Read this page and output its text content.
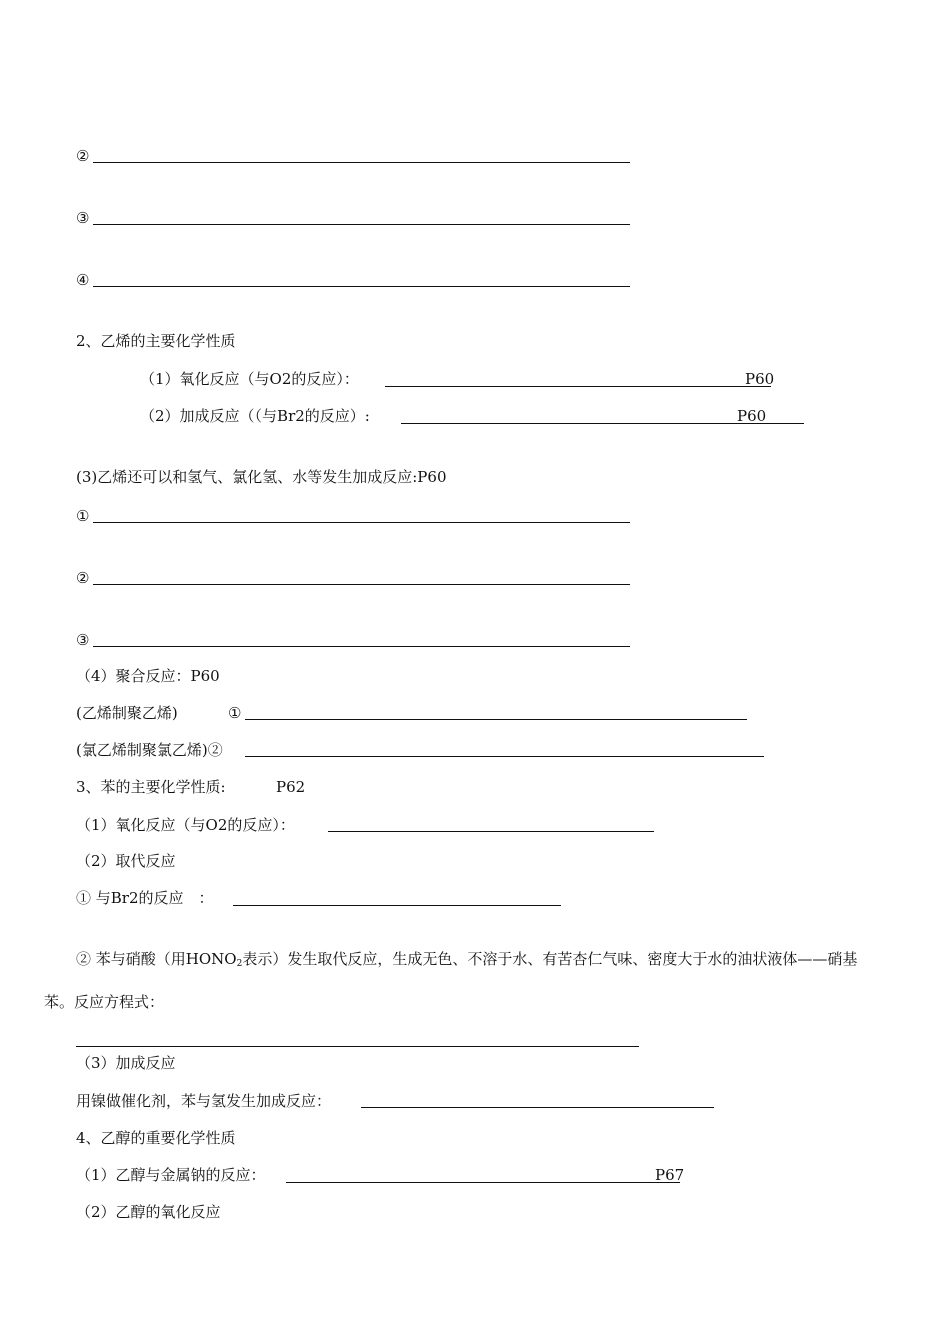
②
③
④
2、乙烯的主要化学性质
（1）氧化反应（与O2的反应）：	P60
（2）加成反应（（与Br2的反应）:	P60
(3)乙烯还可以和氢气、氯化氢、水等发生加成反应:P60
①
②
③
（4）聚合反应：P60
(乙烯制聚乙烯)	①
(氯乙烯制聚氯乙烯)②
3、苯的主要化学性质:	P62
（1）氧化反应（与O2的反应）：
（2）取代反应
① 与Br2的反应　：
② 苯与硝酸（用$HONO_2$表示）发生取代反应，生成无色、不溶于水、有苦杏仁气味、密度大于水的油状液体——硝基
苯。反应方程式：
（3）加成反应
用镍做催化剂，苯与氢发生加成反应：
4、乙醇的重要化学性质
（1）乙醇与金属钠的反应：	P67
（2）乙醇的氧化反应
